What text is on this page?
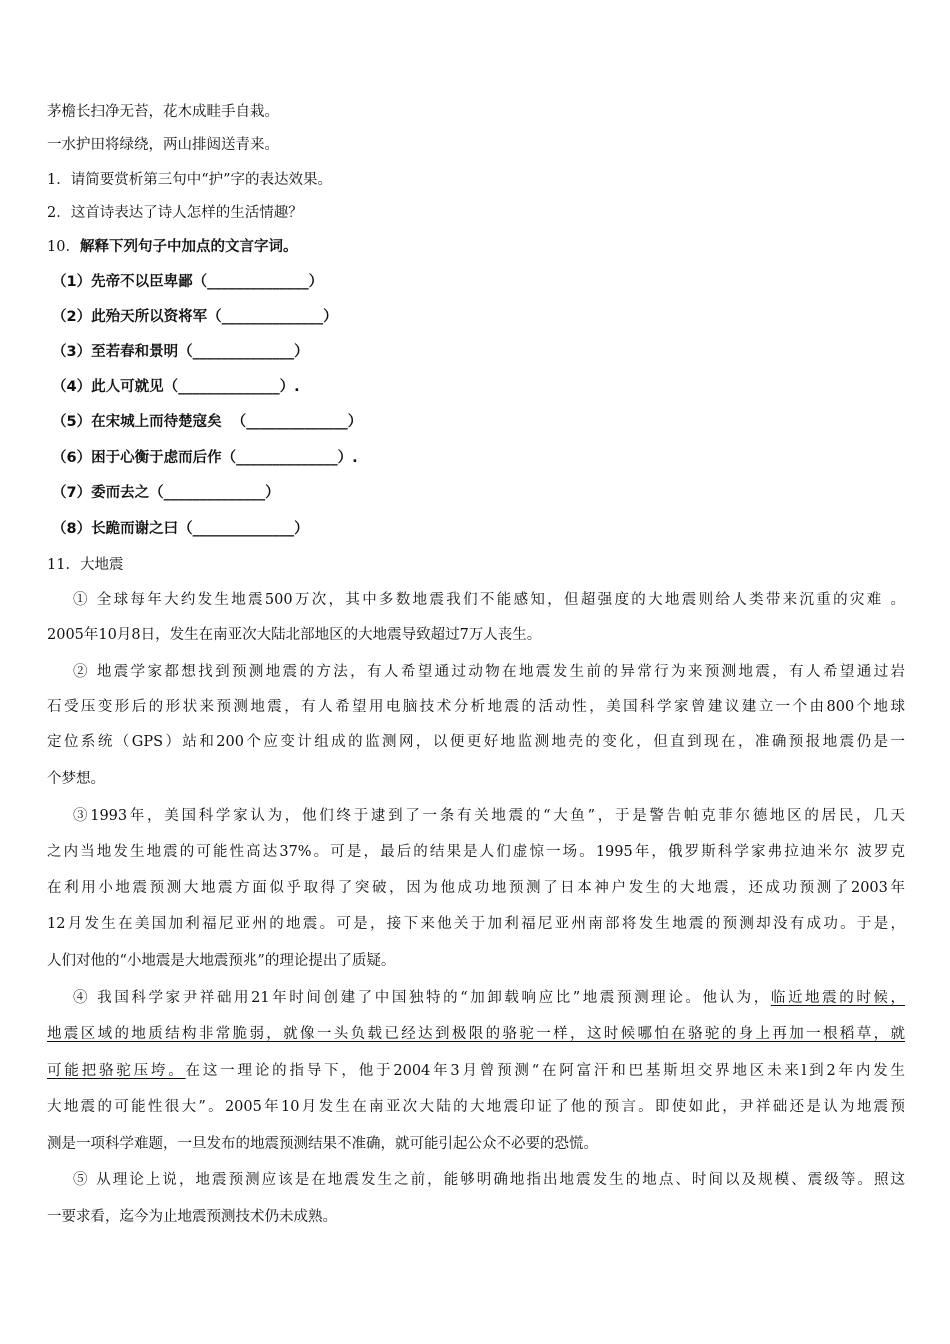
茅檐长扫净无苔，花木成畦手自栽。
一水护田将绿绕，两山排闼送青来。
1．请简要赏析第三句中“护”字的表达效果。
2．这首诗表达了诗人怎样的生活情趣？
10．解释下列句子中加点的文言字词。
（1）先帝不以臣卑鄙（______________）
（2）此殆天所以资将军（______________）
（3）至若春和景明（______________）
（4）此人可就见（______________）.
（5）在宋城上而待楚寇矣  （______________）
（6）困于心衡于虑而后作（______________）.
（7）委而去之（______________）
（8）长跪而谢之曰（______________）
11．大地震
① 全球每年大约发生地震500万次，其中多数地震我们不能感知，但超强度的大地震则给人类带来沉重的灾难 。
2005年10月8日，发生在南亚次大陆北部地区的大地震导致超过7万人丧生。
② 地震学家都想找到预测地震的方法，有人希望通过动物在地震发生前的异常行为来预测地震，有人希望通过岩
石受压变形后的形状来预测地震，有人希望用电脑技术分析地震的活动性，美国科学家曾建议建立一个由800个地球
定位系统（GPS）站和200个应变计组成的监测网，以便更好地监测地壳的变化，但直到现在，准确预报地震仍是一
个梦想。
③1993年，美国科学家认为，他们终于逮到了一条有关地震的“大鱼”，于是警告帕克菲尔德地区的居民，几天
之内当地发生地震的可能性高达37%。可是，最后的结果是人们虚惊一场。1995年，俄罗斯科学家弗拉迪米尔 波罗克
在利用小地震预测大地震方面似乎取得了突破，因为他成功地预测了日本神户发生的大地震，还成功预测了2003年
12月发生在美国加利福尼亚州的地震。可是，接下来他关于加利福尼亚州南部将发生地震的预测却没有成功。于是，
人们对他的“小地震是大地震预兆”的理论提出了质疑。
④ 我国科学家尹祥础用21年时间创建了中国独特的“加卸载响应比”地震预测理论。他认为，临近地震的时候，
地震区域的地质结构非常脆弱，就像一头负载已经达到极限的骆驼一样，这时候哪怕在骆驼的身上再加一根稻草，就
可能把骆驼压垮。在这一理论的指导下，他于2004年3月曾预测“在阿富汗和巴基斯坦交界地区未来l到2年内发生
大地震的可能性很大”。2005年10月发生在南亚次大陆的大地震印证了他的预言。即使如此，尹祥础还是认为地震预
测是一项科学难题，一旦发布的地震预测结果不准确，就可能引起公众不必要的恐慌。
⑤ 从理论上说，地震预测应该是在地震发生之前，能够明确地指出地震发生的地点、时间以及规模、震级等。照这
一要求看，迄今为止地震预测技术仍未成熟。
